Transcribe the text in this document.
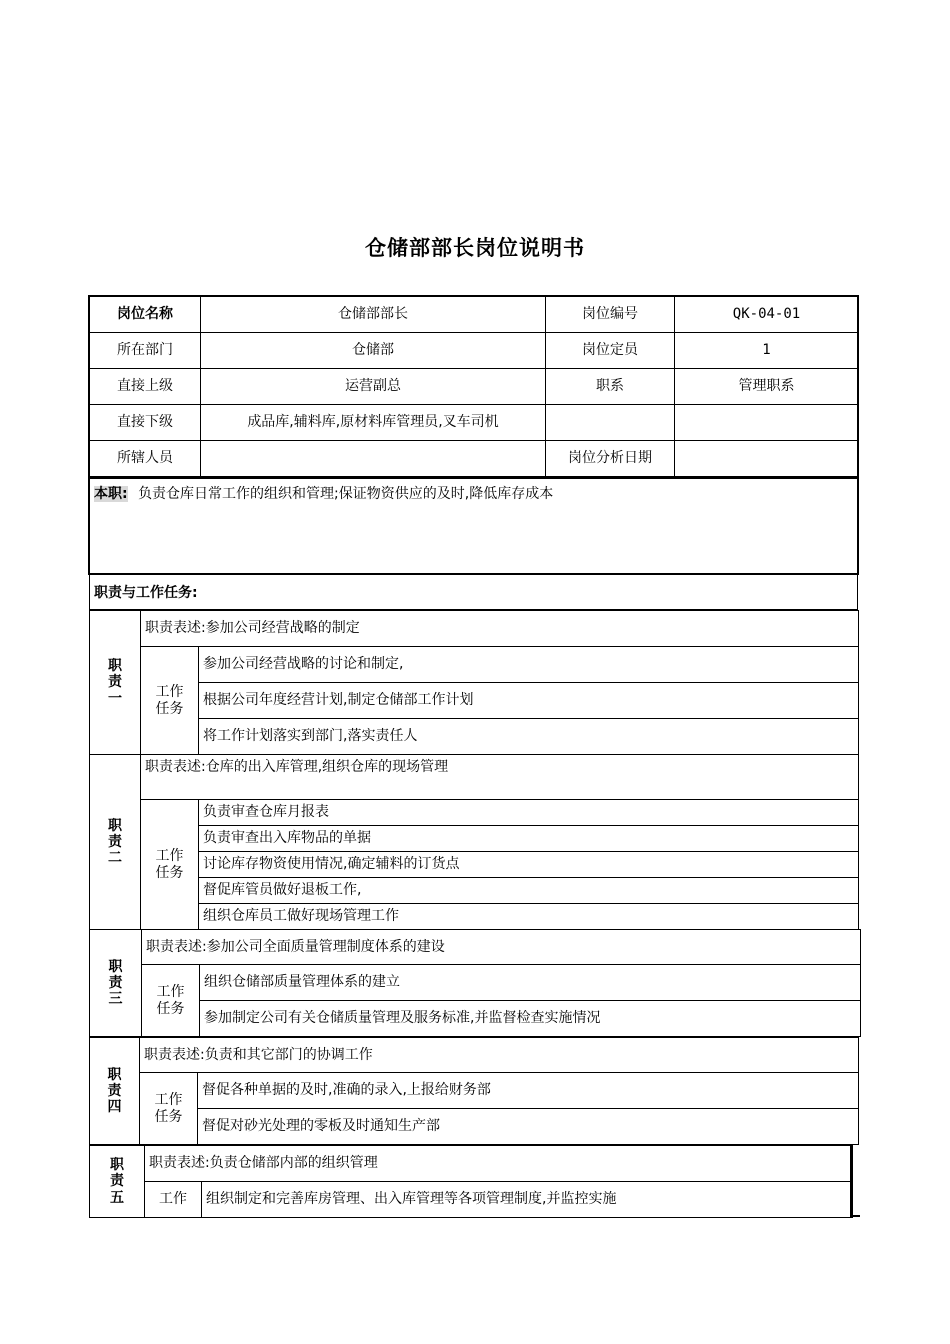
仓储部部长岗位说明书
岗位名称	仓储部部长	岗位编号	QK-04-01
所在部门	仓储部	岗位定员	1
直接上级	运营副总	职系	管理职系
直接下级	成品库,辅料库,原材料库管理员,叉车司机		
所辖人员		岗位分析日期	
本职: 负责仓库日常工作的组织和管理;保证物资供应的及时,降低库存成本
职责与工作任务:
职
责
一	职责表述:参加公司经营战略的制定	
	工作
任务	参加公司经营战略的讨论和制定,
		根据公司年度经营计划,制定仓储部工作计划
		将工作计划落实到部门,落实责任人
职
责
二	职责表述:仓库的出入库管理,组织仓库的现场管理	
	工作
任务	负责审查仓库月报表
		负责审查出入库物品的单据
		讨论库存物资使用情况,确定辅料的订货点
		督促库管员做好退板工作,
		组织仓库员工做好现场管理工作
职
责
三	职责表述:参加公司全面质量管理制度体系的建设	
	工作
任务	组织仓储部质量管理体系的建立
		参加制定公司有关仓储质量管理及服务标准,并监督检查实施情况
职
责
四	职责表述:负责和其它部门的协调工作	
	工作
任务	督促各种单据的及时,准确的录入,上报给财务部
		督促对砂光处理的零板及时通知生产部
职
责
五	职责表述:负责仓储部内部的组织管理	
	工作	组织制定和完善库房管理、出入库管理等各项管理制度,并监控实施
